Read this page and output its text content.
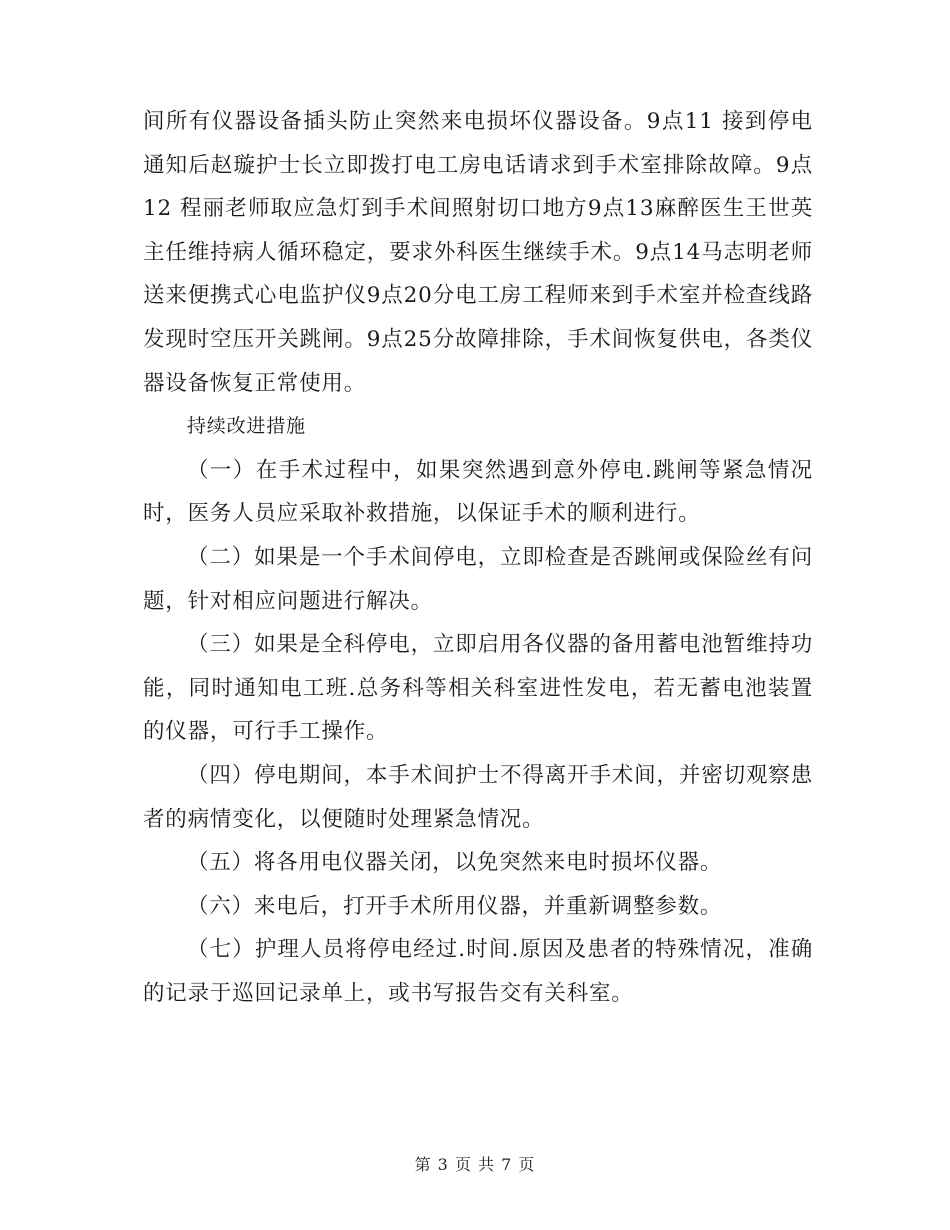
间所有仪器设备插头防止突然来电损坏仪器设备。9点11 接到停电通知后赵璇护士长立即拨打电工房电话请求到手术室排除故障。9点12 程丽老师取应急灯到手术间照射切口地方9点13麻醉医生王世英主任维持病人循环稳定，要求外科医生继续手术。9点14马志明老师送来便携式心电监护仪9点20分电工房工程师来到手术室并检查线路发现时空压开关跳闸。9点25分故障排除，手术间恢复供电，各类仪器设备恢复正常使用。

持续改进措施

（一）在手术过程中，如果突然遇到意外停电.跳闸等紧急情况时，医务人员应采取补救措施，以保证手术的顺利进行。

（二）如果是一个手术间停电，立即检查是否跳闸或保险丝有问题，针对相应问题进行解决。

（三）如果是全科停电，立即启用各仪器的备用蓄电池暂维持功能，同时通知电工班.总务科等相关科室进性发电，若无蓄电池装置的仪器，可行手工操作。

（四）停电期间，本手术间护士不得离开手术间，并密切观察患者的病情变化，以便随时处理紧急情况。

（五）将各用电仪器关闭，以免突然来电时损坏仪器。

（六）来电后，打开手术所用仪器，并重新调整参数。

（七）护理人员将停电经过.时间.原因及患者的特殊情况，准确的记录于巡回记录单上，或书写报告交有关科室。

第 3 页 共 7 页
